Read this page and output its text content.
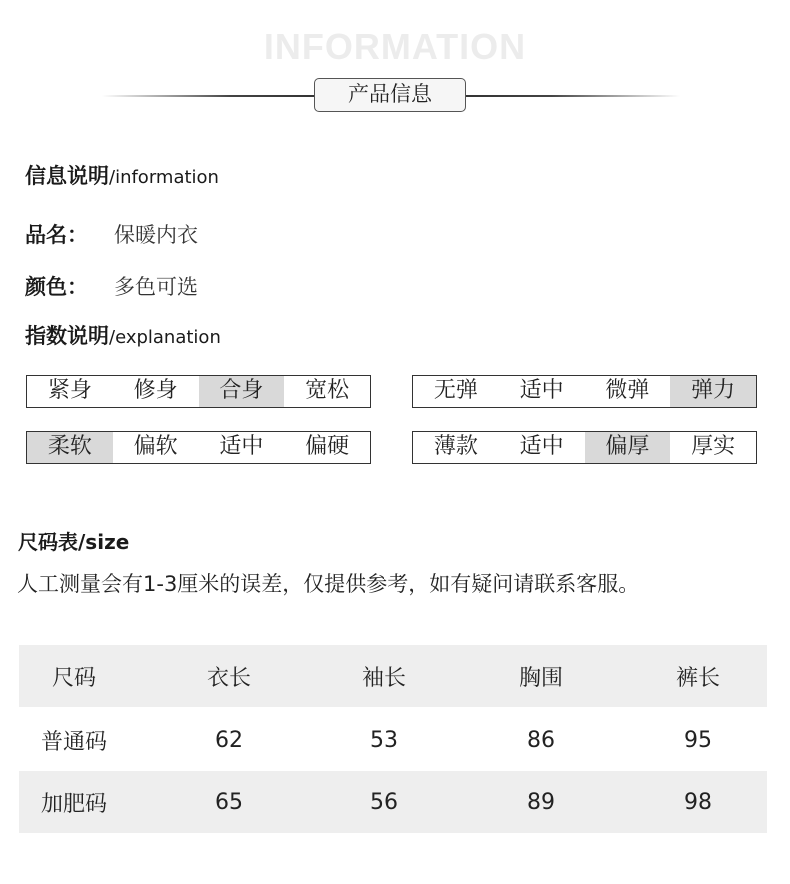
INFORMATION
产品信息
信息说明/information
品名： 保暖内衣
颜色： 多色可选
指数说明/explanation
紧身	修身	合身	宽松	无弹	适中	微弹	弹力
柔软	偏软	适中	偏硬	薄款	适中	偏厚	厚实
尺码表/size
人工测量会有1-3厘米的误差，仅提供参考，如有疑问请联系客服。
尺码	衣长	袖长	胸围	裤长
普通码	62	53	86	95
加肥码	65	56	89	98
